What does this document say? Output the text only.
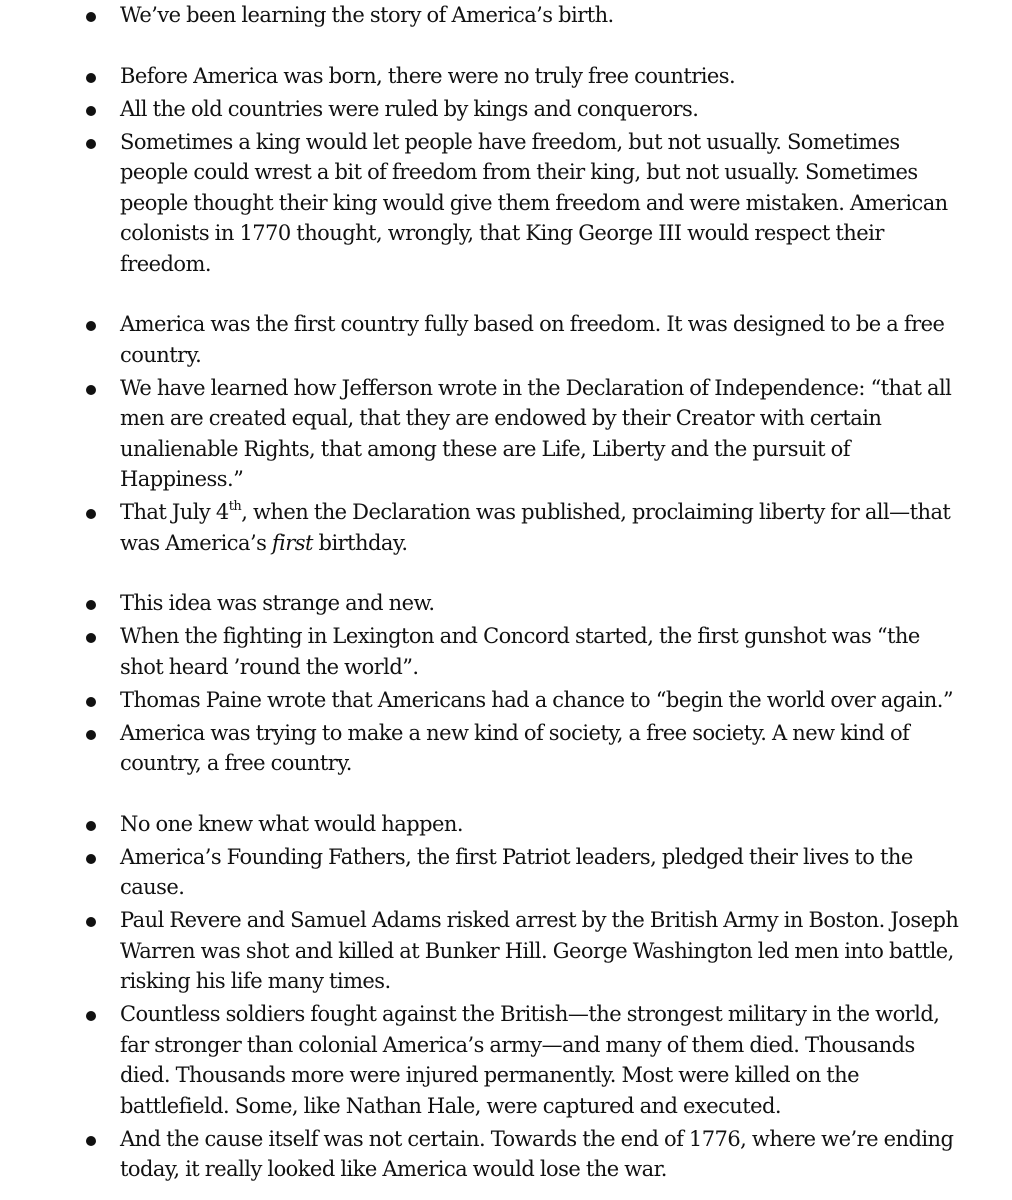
We’ve been learning the story of America’s birth.
Before America was born, there were no truly free countries.
All the old countries were ruled by kings and conquerors.
Sometimes a king would let people have freedom, but not usually. Sometimes people could wrest a bit of freedom from their king, but not usually. Sometimes people thought their king would give them freedom and were mistaken. American colonists in 1770 thought, wrongly, that King George III would respect their freedom.
America was the first country fully based on freedom. It was designed to be a free country.
We have learned how Jefferson wrote in the Declaration of Independence: “that all men are created equal, that they are endowed by their Creator with certain unalienable Rights, that among these are Life, Liberty and the pursuit of Happiness.”
That July 4th, when the Declaration was published, proclaiming liberty for all—that was America’s first birthday.
This idea was strange and new.
When the fighting in Lexington and Concord started, the first gunshot was “the shot heard ’round the world”.
Thomas Paine wrote that Americans had a chance to “begin the world over again.”
America was trying to make a new kind of society, a free society. A new kind of country, a free country.
No one knew what would happen.
America’s Founding Fathers, the first Patriot leaders, pledged their lives to the cause.
Paul Revere and Samuel Adams risked arrest by the British Army in Boston. Joseph Warren was shot and killed at Bunker Hill. George Washington led men into battle, risking his life many times.
Countless soldiers fought against the British—the strongest military in the world, far stronger than colonial America’s army—and many of them died. Thousands died. Thousands more were injured permanently. Most were killed on the battlefield. Some, like Nathan Hale, were captured and executed.
And the cause itself was not certain. Towards the end of 1776, where we’re ending today, it really looked like America would lose the war.
